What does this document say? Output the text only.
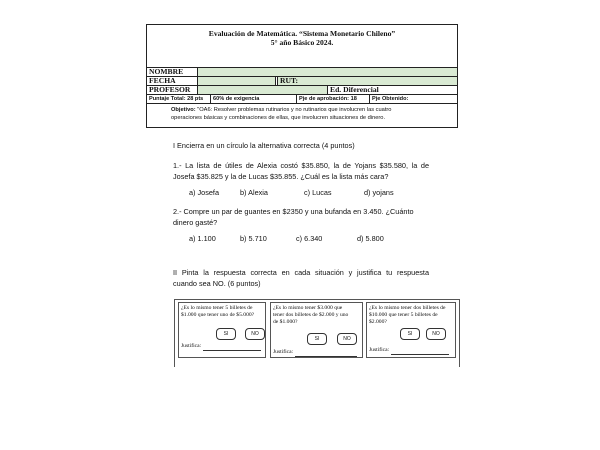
Evaluación de Matemática. “Sistema Monetario Chileno”
5° año Básico 2024.
NOMBRE
FECHA	RUT:
PROFESOR	Ed. Diferencial
Puntaje Total: 28 pts	60% de exigencia	Pje de aprobación: 18	Pje Obtenido:
Objetivo: "OA6: Resolver problemas rutinarios y no rutinarios que involucren las cuatro
operaciones básicas y combinaciones de ellas, que involucren situaciones de dinero.
I Encierra en un círculo la alternativa correcta (4 puntos)
1.- La lista de útiles de Alexia costó $35.850, la de Yojans $35.580, la de
Josefa $35.825 y la de Lucas $35.855. ¿Cuál es la lista más cara?
a) Josefa	b) Alexia	c) Lucas	d) yojans
2.- Compre un par de guantes en $2350 y una bufanda en 3.450. ¿Cuánto
dinero gasté?
a) 1.100	b) 5.710	c) 6.340	d) 5.800
II Pinta la respuesta correcta en cada situación y justifica tu respuesta
cuando sea NO. (6 puntos)
¿Es lo mismo tener 5 billetes de
$1.000 que tener uno de $5.000?
SI	NO
Justifica:
¿Es lo mismo tener $3.000 que
tener dos billetes de $2.000 y uno
de $1.000?
SI	NO
Justifica:
¿Es lo mismo tener dos billetes de
$10.000 que tener 5 billetes de
$2.000?
SI	NO
Justifica:
